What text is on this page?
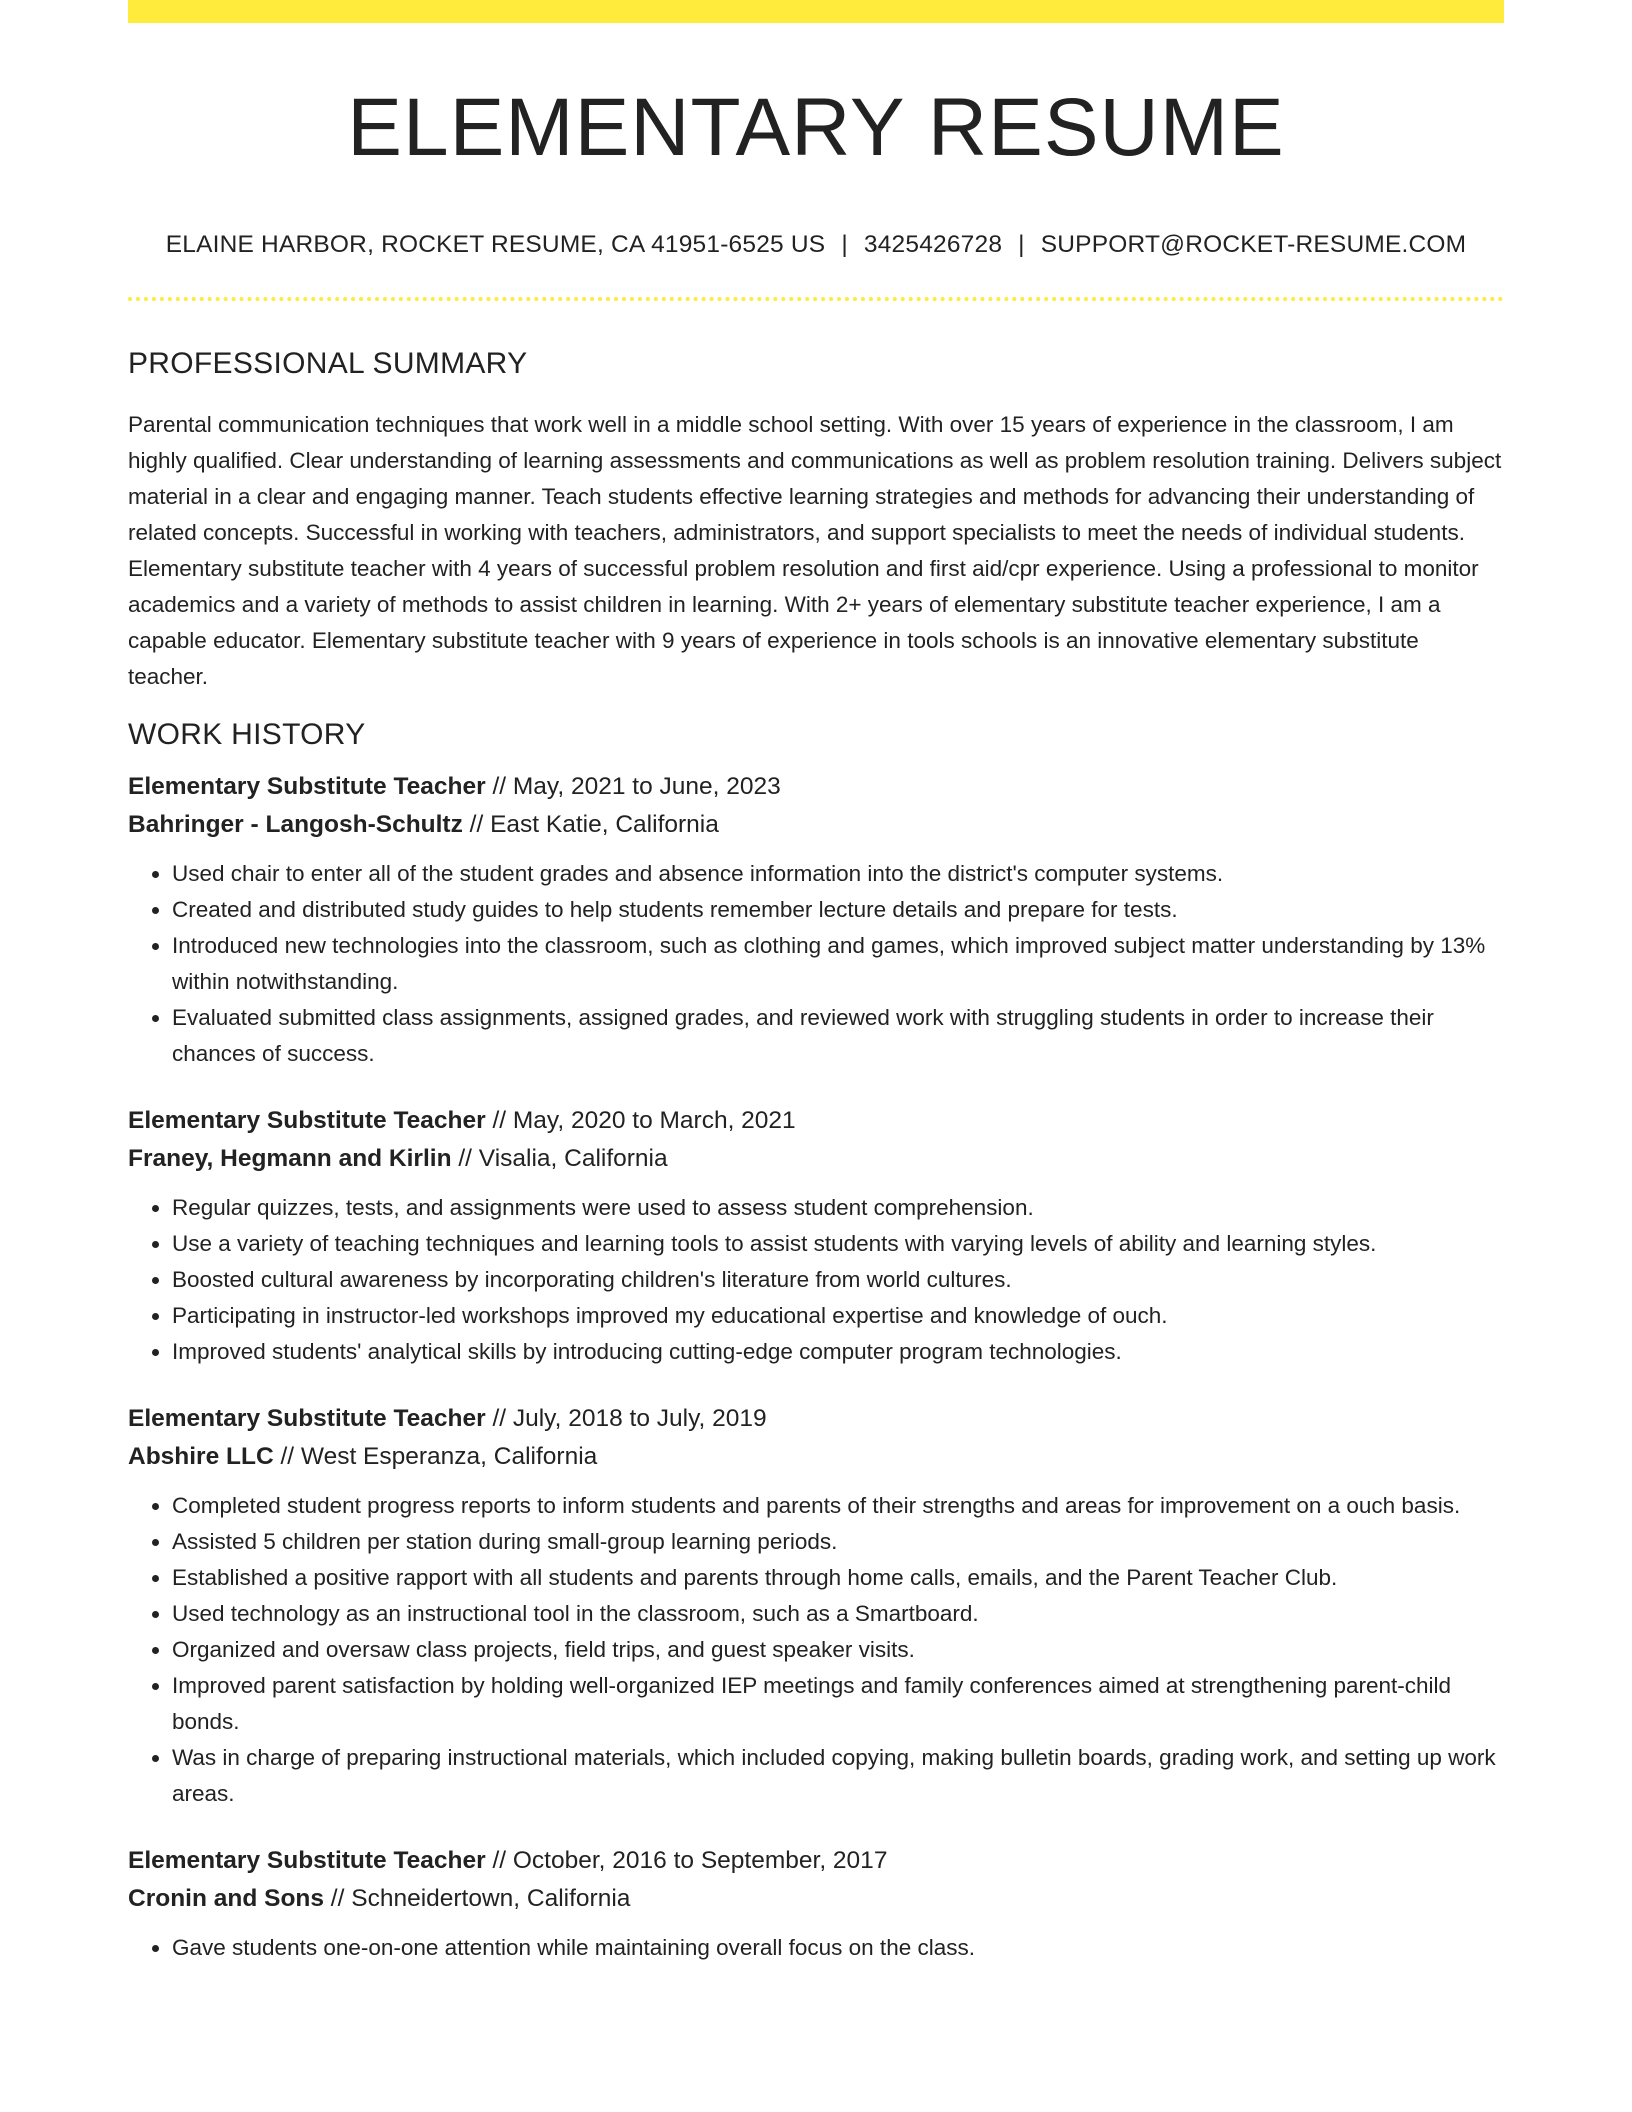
ELEMENTARY RESUME
ELAINE HARBOR, ROCKET RESUME, CA 41951-6525 US | 3425426728 | SUPPORT@ROCKET-RESUME.COM
PROFESSIONAL SUMMARY

Parental communication techniques that work well in a middle school setting. With over 15 years of experience in the classroom, I am highly qualified. Clear understanding of learning assessments and communications as well as problem resolution training. Delivers subject material in a clear and engaging manner. Teach students effective learning strategies and methods for advancing their understanding of related concepts. Successful in working with teachers, administrators, and support specialists to meet the needs of individual students. Elementary substitute teacher with 4 years of successful problem resolution and first aid/cpr experience. Using a professional to monitor academics and a variety of methods to assist children in learning. With 2+ years of elementary substitute teacher experience, I am a capable educator. Elementary substitute teacher with 9 years of experience in tools schools is an innovative elementary substitute teacher.

WORK HISTORY
Elementary Substitute Teacher // May, 2021 to June, 2023
Bahringer - Langosh-Schultz // East Katie, California
• Used chair to enter all of the student grades and absence information into the district's computer systems.
• Created and distributed study guides to help students remember lecture details and prepare for tests.
• Introduced new technologies into the classroom, such as clothing and games, which improved subject matter understanding by 13% within notwithstanding.
• Evaluated submitted class assignments, assigned grades, and reviewed work with struggling students in order to increase their chances of success.
Elementary Substitute Teacher // May, 2020 to March, 2021
Franey, Hegmann and Kirlin // Visalia, California
• Regular quizzes, tests, and assignments were used to assess student comprehension.
• Use a variety of teaching techniques and learning tools to assist students with varying levels of ability and learning styles.
• Boosted cultural awareness by incorporating children's literature from world cultures.
• Participating in instructor-led workshops improved my educational expertise and knowledge of ouch.
• Improved students' analytical skills by introducing cutting-edge computer program technologies.
Elementary Substitute Teacher // July, 2018 to July, 2019
Abshire LLC // West Esperanza, California
• Completed student progress reports to inform students and parents of their strengths and areas for improvement on a ouch basis.
• Assisted 5 children per station during small-group learning periods.
• Established a positive rapport with all students and parents through home calls, emails, and the Parent Teacher Club.
• Used technology as an instructional tool in the classroom, such as a Smartboard.
• Organized and oversaw class projects, field trips, and guest speaker visits.
• Improved parent satisfaction by holding well-organized IEP meetings and family conferences aimed at strengthening parent-child bonds.
• Was in charge of preparing instructional materials, which included copying, making bulletin boards, grading work, and setting up work areas.
Elementary Substitute Teacher // October, 2016 to September, 2017
Cronin and Sons // Schneidertown, California
• Gave students one-on-one attention while maintaining overall focus on the class.
